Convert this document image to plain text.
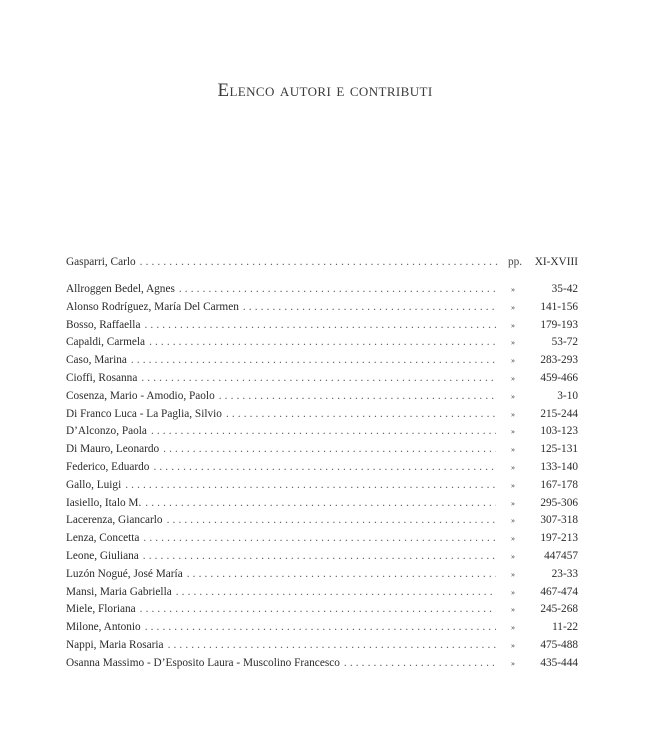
Elenco autori e contributi
Gasparri, Carlo .....	pp.	XI-XVIII
Allroggen Bedel, Agnes .....	»	35-42
Alonso Rodríguez, María Del Carmen .....	»	141-156
Bosso, Raffaella .....	»	179-193
Capaldi, Carmela .....	»	53-72
Caso, Marina .....	»	283-293
Cioffi, Rosanna .....	»	459-466
Cosenza, Mario - Amodio, Paolo .....	»	3-10
Di Franco Luca - La Paglia, Silvio .....	»	215-244
D’Alconzo, Paola .....	»	103-123
Di Mauro, Leonardo .....	»	125-131
Federico, Eduardo .....	»	133-140
Gallo, Luigi .....	»	167-178
Iasiello, Italo M. .....	»	295-306
Lacerenza, Giancarlo .....	»	307-318
Lenza, Concetta .....	»	197-213
Leone, Giuliana .....	»	447457
Luzón Nogué, José María .....	»	23-33
Mansi, Maria Gabriella .....	»	467-474
Miele, Floriana .....	»	245-268
Milone, Antonio .....	»	11-22
Nappi, Maria Rosaria .....	»	475-488
Osanna Massimo - D’Esposito Laura - Muscolino Francesco .....	»	435-444
